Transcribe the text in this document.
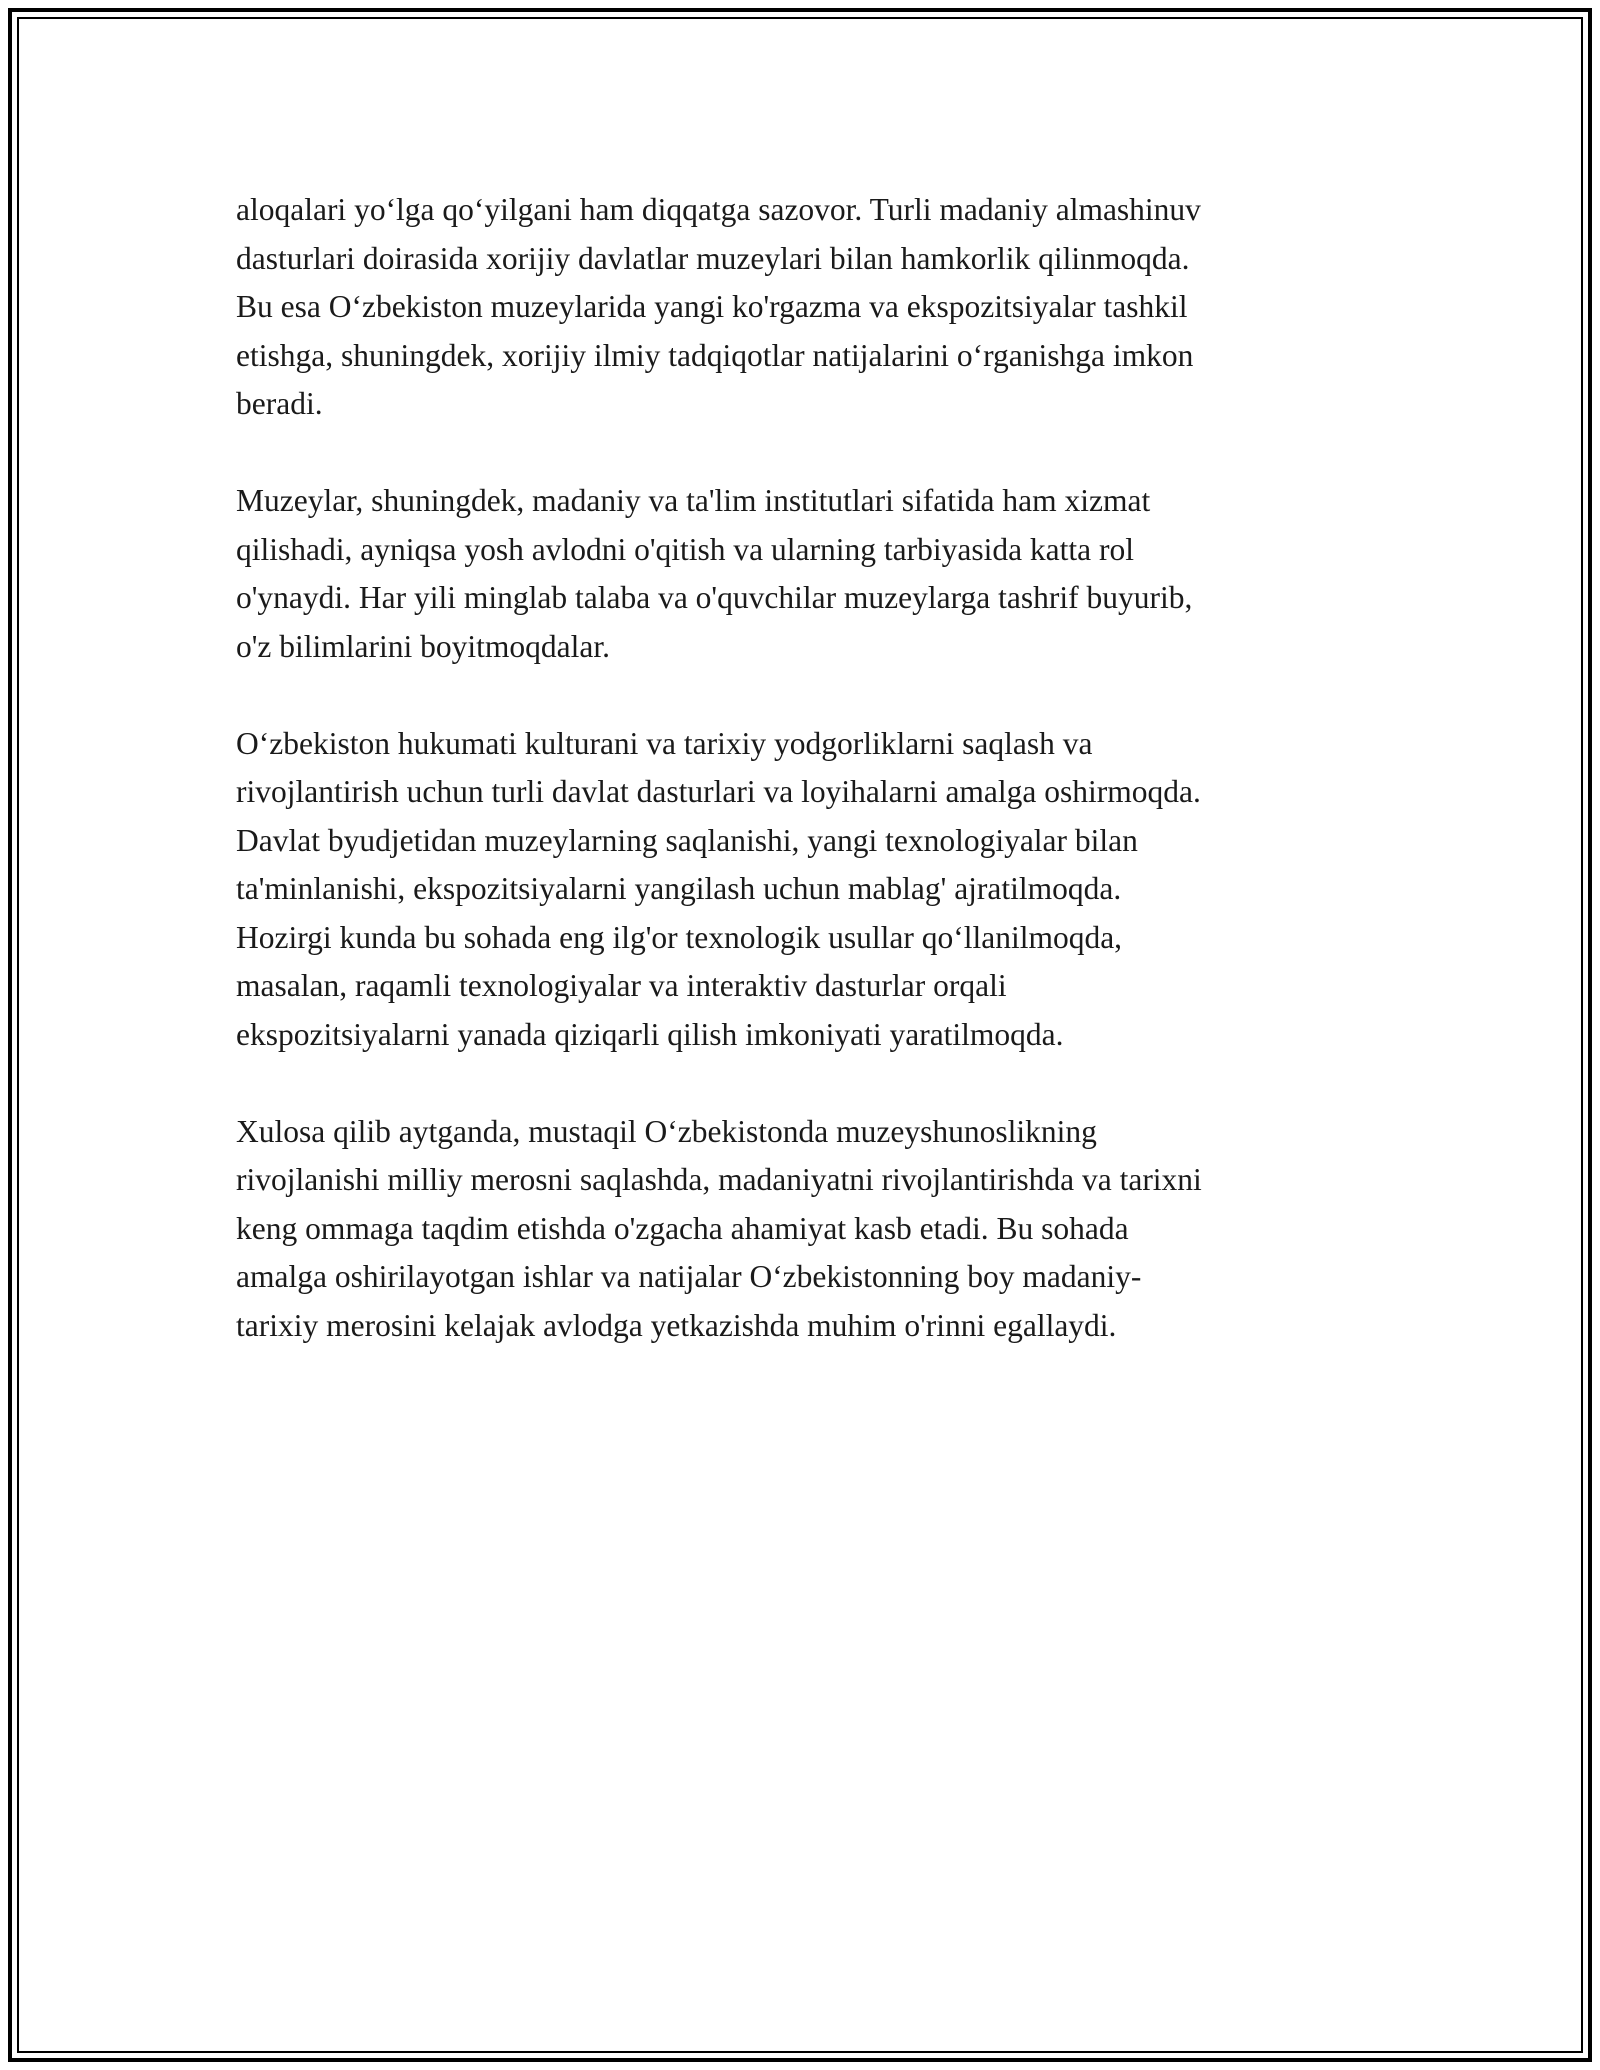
aloqalari yo‘lga qo‘yilgani ham diqqatga sazovor. Turli madaniy almashinuv
dasturlari doirasida xorijiy davlatlar muzeylari bilan hamkorlik qilinmoqda.
Bu esa O‘zbekiston muzeylarida yangi ko'rgazma va ekspozitsiyalar tashkil
etishga, shuningdek, xorijiy ilmiy tadqiqotlar natijalarini o‘rganishga imkon
beradi.

Muzeylar, shuningdek, madaniy va ta'lim institutlari sifatida ham xizmat
qilishadi, ayniqsa yosh avlodni o'qitish va ularning tarbiyasida katta rol
o'ynaydi. Har yili minglab talaba va o'quvchilar muzeylarga tashrif buyurib,
o'z bilimlarini boyitmoqdalar.

O‘zbekiston hukumati kulturani va tarixiy yodgorliklarni saqlash va
rivojlantirish uchun turli davlat dasturlari va loyihalarni amalga oshirmoqda.
Davlat byudjetidan muzeylarning saqlanishi, yangi texnologiyalar bilan
ta'minlanishi, ekspozitsiyalarni yangilash uchun mablag' ajratilmoqda.
Hozirgi kunda bu sohada eng ilg'or texnologik usullar qo‘llanilmoqda,
masalan, raqamli texnologiyalar va interaktiv dasturlar orqali
ekspozitsiyalarni yanada qiziqarli qilish imkoniyati yaratilmoqda.

Xulosa qilib aytganda, mustaqil O‘zbekistonda muzeyshunoslikning
rivojlanishi milliy merosni saqlashda, madaniyatni rivojlantirishda va tarixni
keng ommaga taqdim etishda o'zgacha ahamiyat kasb etadi. Bu sohada
amalga oshirilayotgan ishlar va natijalar O‘zbekistonning boy madaniy-
tarixiy merosini kelajak avlodga yetkazishda muhim o'rinni egallaydi.
